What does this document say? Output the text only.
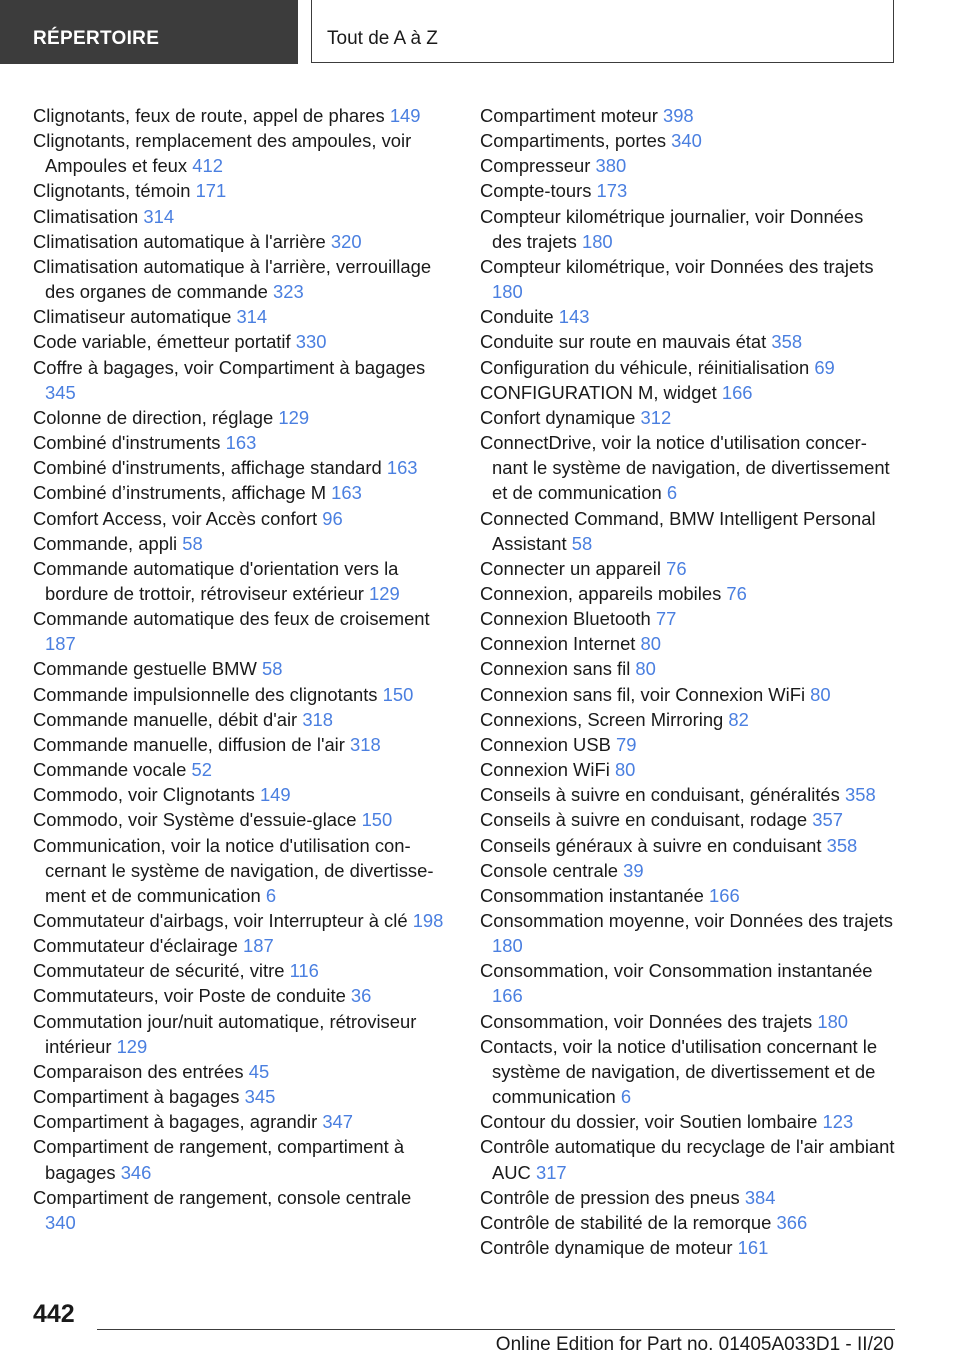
RÉPERTOIRE	Tout de A à Z
Clignotants, feux de route, appel de phares 149
Clignotants, remplacement des ampoules, voir Ampoules et feux 412
Clignotants, témoin 171
Climatisation 314
Climatisation automatique à l'arrière 320
Climatisation automatique à l'arrière, verrouillage des organes de commande 323
Climatiseur automatique 314
Code variable, émetteur portatif 330
Coffre à bagages, voir Compartiment à bagages 345
Colonne de direction, réglage 129
Combiné d'instruments 163
Combiné d'instruments, affichage standard 163
Combiné d’instruments, affichage M 163
Comfort Access, voir Accès confort 96
Commande, appli 58
Commande automatique d'orientation vers la bordure de trottoir, rétroviseur extérieur 129
Commande automatique des feux de croisement 187
Commande gestuelle BMW 58
Commande impulsionnelle des clignotants 150
Commande manuelle, débit d'air 318
Commande manuelle, diffusion de l'air 318
Commande vocale 52
Commodo, voir Clignotants 149
Commodo, voir Système d'essuie-glace 150
Communication, voir la notice d'utilisation concernant le système de navigation, de divertissement et de communication 6
Commutateur d'airbags, voir Interrupteur à clé 198
Commutateur d'éclairage 187
Commutateur de sécurité, vitre 116
Commutateurs, voir Poste de conduite 36
Commutation jour/nuit automatique, rétroviseur intérieur 129
Comparaison des entrées 45
Compartiment à bagages 345
Compartiment à bagages, agrandir 347
Compartiment de rangement, compartiment à bagages 346
Compartiment de rangement, console centrale 340
Compartiment moteur 398
Compartiments, portes 340
Compresseur 380
Compte-tours 173
Compteur kilométrique journalier, voir Données des trajets 180
Compteur kilométrique, voir Données des trajets 180
Conduite 143
Conduite sur route en mauvais état 358
Configuration du véhicule, réinitialisation 69
CONFIGURATION M, widget 166
Confort dynamique 312
ConnectDrive, voir la notice d'utilisation concernant le système de navigation, de divertissement et de communication 6
Connected Command, BMW Intelligent Personal Assistant 58
Connecter un appareil 76
Connexion, appareils mobiles 76
Connexion Bluetooth 77
Connexion Internet 80
Connexion sans fil 80
Connexion sans fil, voir Connexion WiFi 80
Connexions, Screen Mirroring 82
Connexion USB 79
Connexion WiFi 80
Conseils à suivre en conduisant, généralités 358
Conseils à suivre en conduisant, rodage 357
Conseils généraux à suivre en conduisant 358
Console centrale 39
Consommation instantanée 166
Consommation moyenne, voir Données des trajets 180
Consommation, voir Consommation instantanée 166
Consommation, voir Données des trajets 180
Contacts, voir la notice d'utilisation concernant le système de navigation, de divertissement et de communication 6
Contour du dossier, voir Soutien lombaire 123
Contrôle automatique du recyclage de l'air ambiant AUC 317
Contrôle de pression des pneus 384
Contrôle de stabilité de la remorque 366
Contrôle dynamique de moteur 161
442
Online Edition for Part no. 01405A033D1 - II/20
